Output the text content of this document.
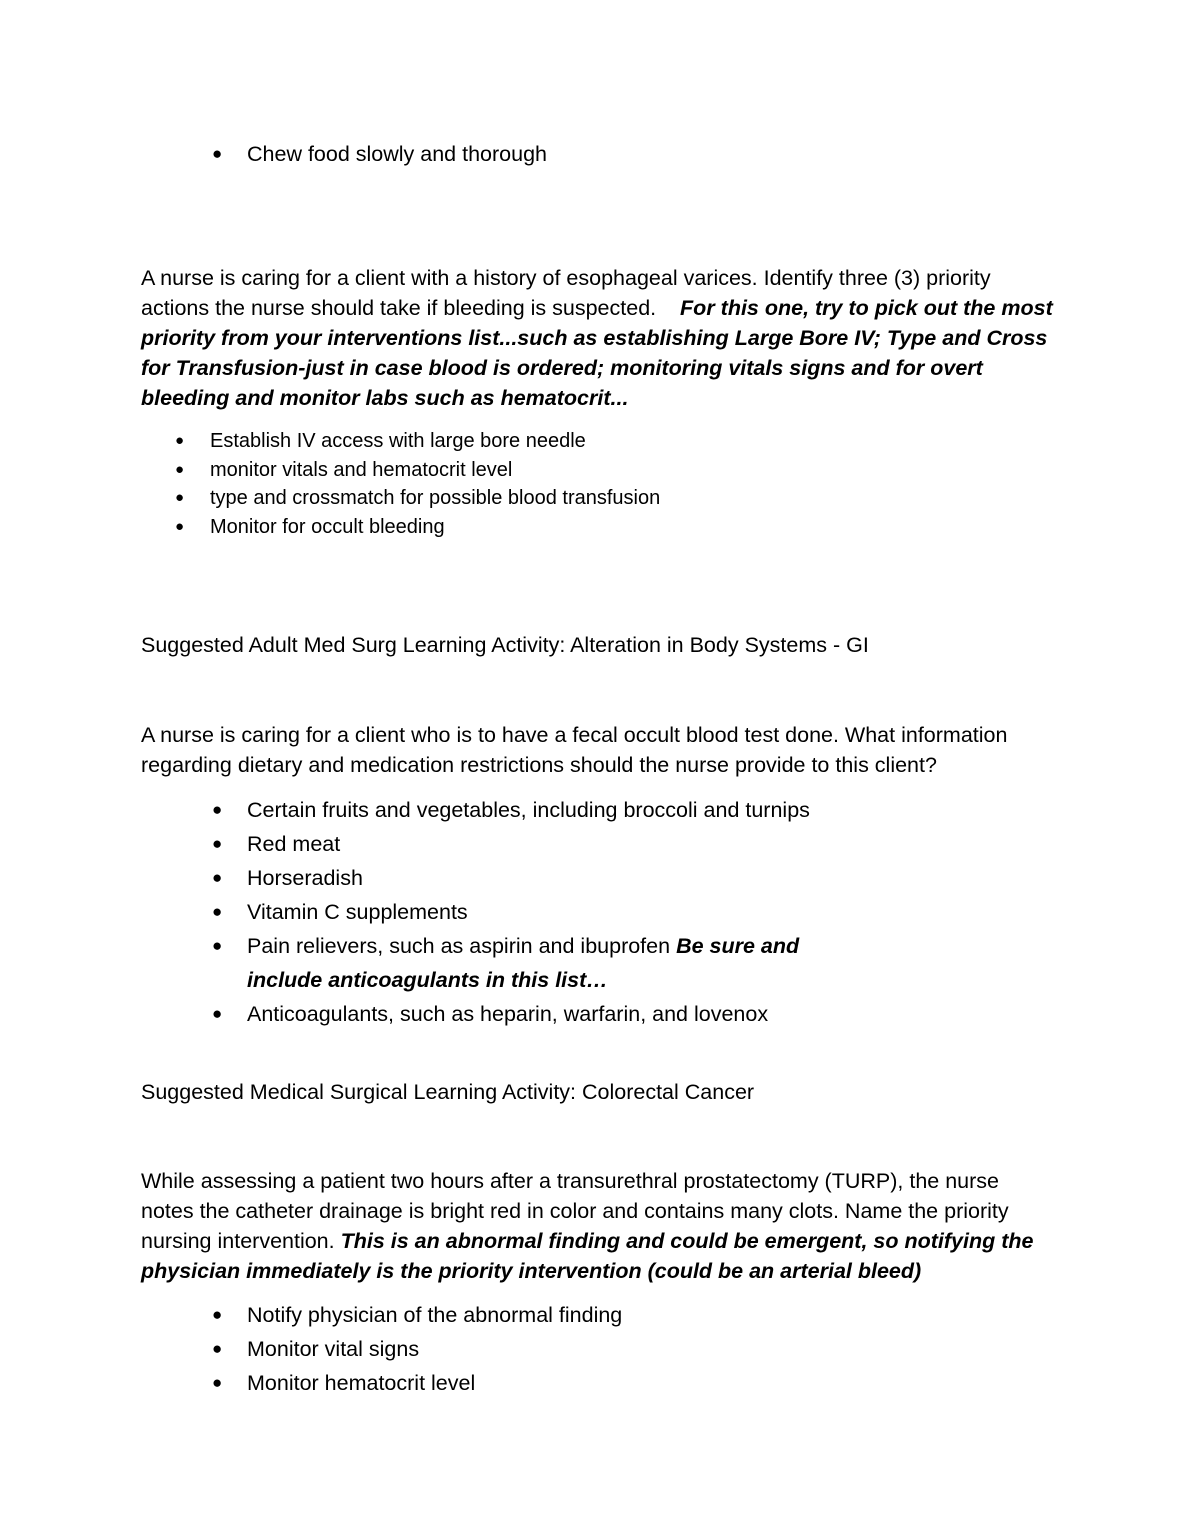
● Chew food slowly and thorough

A nurse is caring for a client with a history of esophageal varices. Identify three (3) priority actions the nurse should take if bleeding is suspected. For this one, try to pick out the most priority from your interventions list...such as establishing Large Bore IV; Type and Cross for Transfusion-just in case blood is ordered; monitoring vitals signs and for overt bleeding and monitor labs such as hematocrit...

● Establish IV access with large bore needle
● monitor vitals and hematocrit level
● type and crossmatch for possible blood transfusion
● Monitor for occult bleeding

Suggested Adult Med Surg Learning Activity: Alteration in Body Systems - GI

A nurse is caring for a client who is to have a fecal occult blood test done. What information regarding dietary and medication restrictions should the nurse provide to this client?

● Certain fruits and vegetables, including broccoli and turnips
● Red meat
● Horseradish
● Vitamin C supplements
● Pain relievers, such as aspirin and ibuprofen Be sure and include anticoagulants in this list…
● Anticoagulants, such as heparin, warfarin, and lovenox

Suggested Medical Surgical Learning Activity: Colorectal Cancer

While assessing a patient two hours after a transurethral prostatectomy (TURP), the nurse notes the catheter drainage is bright red in color and contains many clots. Name the priority nursing intervention. This is an abnormal finding and could be emergent, so notifying the physician immediately is the priority intervention (could be an arterial bleed)

● Notify physician of the abnormal finding
● Monitor vital signs
● Monitor hematocrit level
